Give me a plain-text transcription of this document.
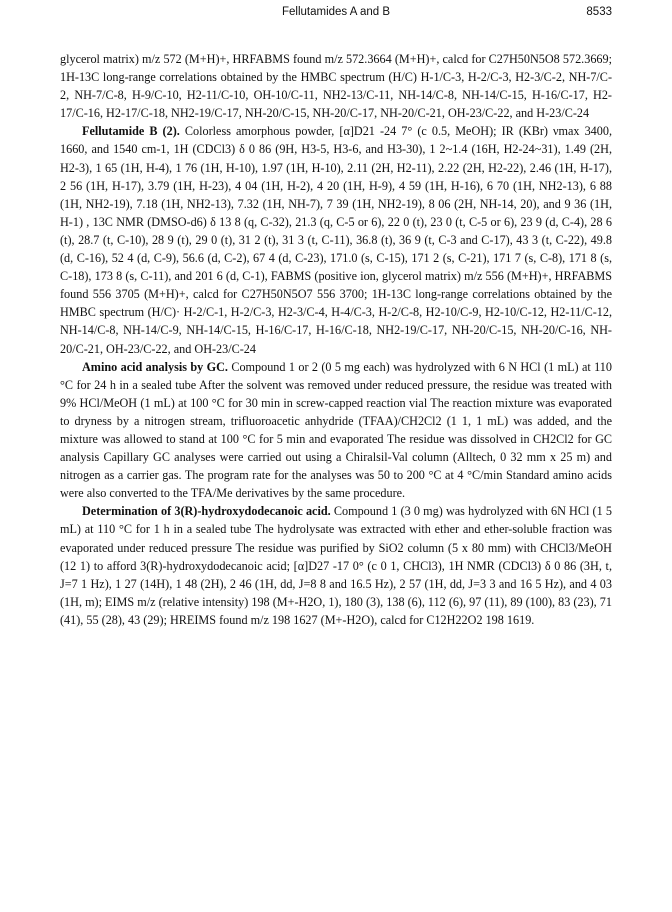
Fellutamides A and B	8533

glycerol matrix) m/z 572 (M+H)+, HRFABMS found m/z 572.3664 (M+H)+, calcd for C27H50N5O8 572.3669; 1H-13C long-range correlations obtained by the HMBC spectrum (H/C) H-1/C-3, H-2/C-3, H2-3/C-2, NH-7/C-2, NH-7/C-8, H-9/C-10, H2-11/C-10, OH-10/C-11, NH2-13/C-11, NH-14/C-8, NH-14/C-15, H-16/C-17, H2-17/C-16, H2-17/C-18, NH2-19/C-17, NH-20/C-15, NH-20/C-17, NH-20/C-21, OH-23/C-22, and H-23/C-24

Fellutamide B (2). Colorless amorphous powder, [α]D21 -24 7° (c 0.5, MeOH); IR (KBr) νmax 3400, 1660, and 1540 cm-1, 1H (CDCl3) δ 0 86 (9H, H3-5, H3-6, and H3-30), 1 2~1.4 (16H, H2-24~31), 1.49 (2H, H2-3), 1 65 (1H, H-4), 1 76 (1H, H-10), 1.97 (1H, H-10), 2.11 (2H, H2-11), 2.22 (2H, H2-22), 2.46 (1H, H-17), 2 56 (1H, H-17), 3.79 (1H, H-23), 4 04 (1H, H-2), 4 20 (1H, H-9), 4 59 (1H, H-16), 6 70 (1H, NH2-13), 6 88 (1H, NH2-19), 7.18 (1H, NH2-13), 7.32 (1H, NH-7), 7 39 (1H, NH2-19), 8 06 (2H, NH-14, 20), and 9 36 (1H, H-1) , 13C NMR (DMSO-d6) δ 13 8 (q, C-32), 21.3 (q, C-5 or 6), 22 0 (t), 23 0 (t, C-5 or 6), 23 9 (d, C-4), 28 6 (t), 28.7 (t, C-10), 28 9 (t), 29 0 (t), 31 2 (t), 31 3 (t, C-11), 36.8 (t), 36 9 (t, C-3 and C-17), 43 3 (t, C-22), 49.8 (d, C-16), 52 4 (d, C-9), 56.6 (d, C-2), 67 4 (d, C-23), 171.0 (s, C-15), 171 2 (s, C-21), 171 7 (s, C-8), 171 8 (s, C-18), 173 8 (s, C-11), and 201 6 (d, C-1), FABMS (positive ion, glycerol matrix) m/z 556 (M+H)+, HRFABMS found 556 3705 (M+H)+, calcd for C27H50N5O7 556 3700; 1H-13C long-range correlations obtained by the HMBC spectrum (H/C)· H-2/C-1, H-2/C-3, H2-3/C-4, H-4/C-3, H-2/C-8, H2-10/C-9, H2-10/C-12, H2-11/C-12, NH-14/C-8, NH-14/C-9, NH-14/C-15, H-16/C-17, H-16/C-18, NH2-19/C-17, NH-20/C-15, NH-20/C-16, NH-20/C-21, OH-23/C-22, and OH-23/C-24

Amino acid analysis by GC. Compound 1 or 2 (0 5 mg each) was hydrolyzed with 6 N HCl (1 mL) at 110 °C for 24 h in a sealed tube After the solvent was removed under reduced pressure, the residue was treated with 9% HCl/MeOH (1 mL) at 100 °C for 30 min in screw-capped reaction vial The reaction mixture was evaporated to dryness by a nitrogen stream, trifluoroacetic anhydride (TFAA)/CH2Cl2 (1 1, 1 mL) was added, and the mixture was allowed to stand at 100 °C for 5 min and evaporated The residue was dissolved in CH2Cl2 for GC analysis Capillary GC analyses were carried out using a Chiralsil-Val column (Alltech, 0 32 mm x 25 m) and nitrogen as a carrier gas. The program rate for the analyses was 50 to 200 °C at 4 °C/min Standard amino acids were also converted to the TFA/Me derivatives by the same procedure.

Determination of 3(R)-hydroxydodecanoic acid. Compound 1 (3 0 mg) was hydrolyzed with 6N HCl (1 5 mL) at 110 °C for 1 h in a sealed tube The hydrolysate was extracted with ether and ether-soluble fraction was evaporated under reduced pressure The residue was purified by SiO2 column (5 x 80 mm) with CHCl3/MeOH (12 1) to afford 3(R)-hydroxydodecanoic acid; [α]D27 -17 0° (c 0 1, CHCl3), 1H NMR (CDCl3) δ 0 86 (3H, t, J=7 1 Hz), 1 27 (14H), 1 48 (2H), 2 46 (1H, dd, J=8 8 and 16.5 Hz), 2 57 (1H, dd, J=3 3 and 16 5 Hz), and 4 03 (1H, m); EIMS m/z (relative intensity) 198 (M+-H2O, 1), 180 (3), 138 (6), 112 (6), 97 (11), 89 (100), 83 (23), 71 (41), 55 (28), 43 (29); HREIMS found m/z 198 1627 (M+-H2O), calcd for C12H22O2 198 1619.
